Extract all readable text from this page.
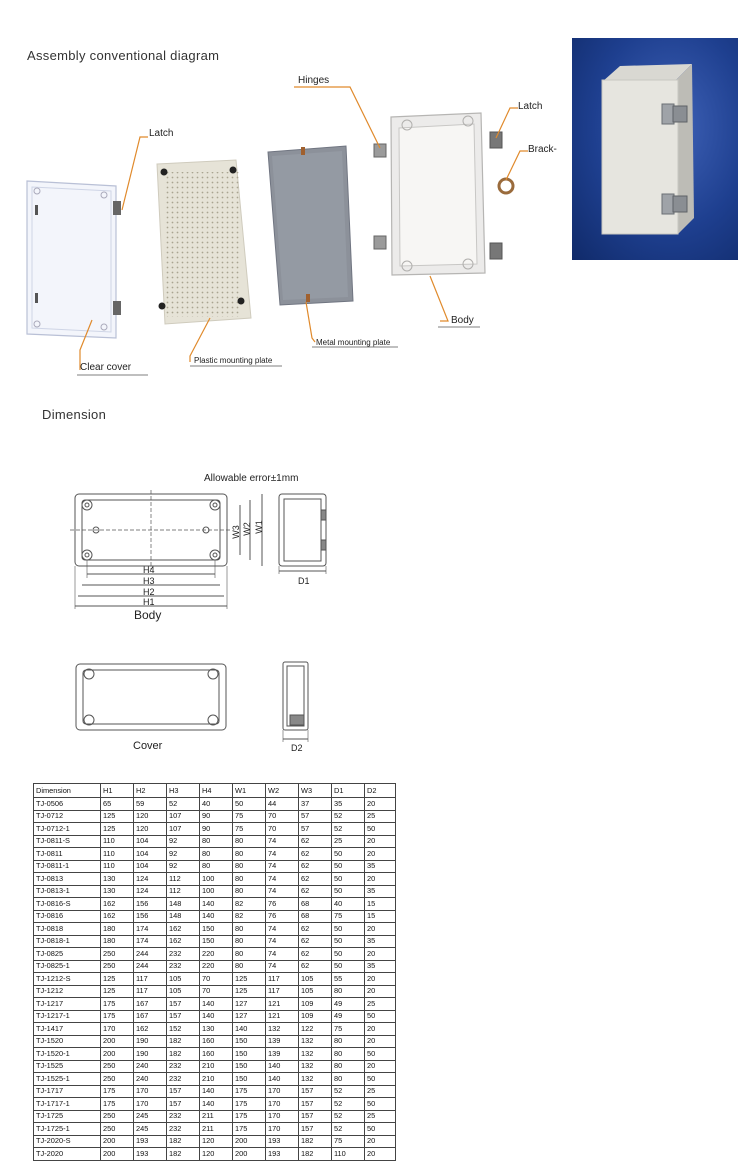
Assembly conventional diagram
Hinges
Latch
Latch
Brack-
Clear cover
Plastic mounting plate
Metal mounting plate
Body
Dimension
Allowable error±1mm
H4
H3
H2
H1
W3 W2 W1
D1
Body
Cover	D2
Dimension	H1	H2	H3	H4	W1	W2	W3	D1	D2
TJ-0506	65	59	52	40	50	44	37	35	20
TJ-0712	125	120	107	90	75	70	57	52	25
TJ-0712-1	125	120	107	90	75	70	57	52	50
TJ-0811-S	110	104	92	80	80	74	62	25	20
TJ-0811	110	104	92	80	80	74	62	50	20
TJ-0811-1	110	104	92	80	80	74	62	50	35
TJ-0813	130	124	112	100	80	74	62	50	20
TJ-0813-1	130	124	112	100	80	74	62	50	35
TJ-0816-S	162	156	148	140	82	76	68	40	15
TJ-0816	162	156	148	140	82	76	68	75	15
TJ-0818	180	174	162	150	80	74	62	50	20
TJ-0818-1	180	174	162	150	80	74	62	50	35
TJ-0825	250	244	232	220	80	74	62	50	20
TJ-0825-1	250	244	232	220	80	74	62	50	35
TJ-1212-S	125	117	105	70	125	117	105	55	20
TJ-1212	125	117	105	70	125	117	105	80	20
TJ-1217	175	167	157	140	127	121	109	49	25
TJ-1217-1	175	167	157	140	127	121	109	49	50
TJ-1417	170	162	152	130	140	132	122	75	20
TJ-1520	200	190	182	160	150	139	132	80	20
TJ-1520-1	200	190	182	160	150	139	132	80	50
TJ-1525	250	240	232	210	150	140	132	80	20
TJ-1525-1	250	240	232	210	150	140	132	80	50
TJ-1717	175	170	157	140	175	170	157	52	25
TJ-1717-1	175	170	157	140	175	170	157	52	50
TJ-1725	250	245	232	211	175	170	157	52	25
TJ-1725-1	250	245	232	211	175	170	157	52	50
TJ-2020-S	200	193	182	120	200	193	182	75	20
TJ-2020	200	193	182	120	200	193	182	110	20
